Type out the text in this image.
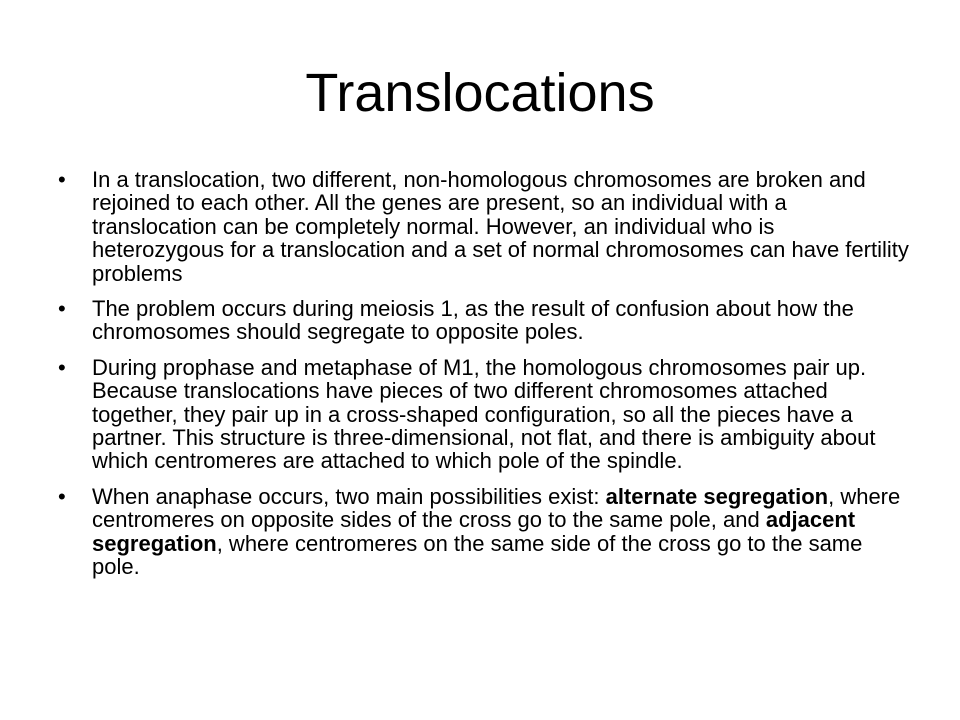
Translocations
• In a translocation, two different, non-homologous chromosomes are broken and rejoined to each other. All the genes are present, so an individual with a translocation can be completely normal. However, an individual who is heterozygous for a translocation and a set of normal chromosomes can have fertility problems
• The problem occurs during meiosis 1, as the result of confusion about how the chromosomes should segregate to opposite poles.
• During prophase and metaphase of M1, the homologous chromosomes pair up. Because translocations have pieces of two different chromosomes attached together, they pair up in a cross-shaped configuration, so all the pieces have a partner. This structure is three-dimensional, not flat, and there is ambiguity about which centromeres are attached to which pole of the spindle.
• When anaphase occurs, two main possibilities exist: alternate segregation, where centromeres on opposite sides of the cross go to the same pole, and adjacent segregation, where centromeres on the same side of the cross go to the same pole.
